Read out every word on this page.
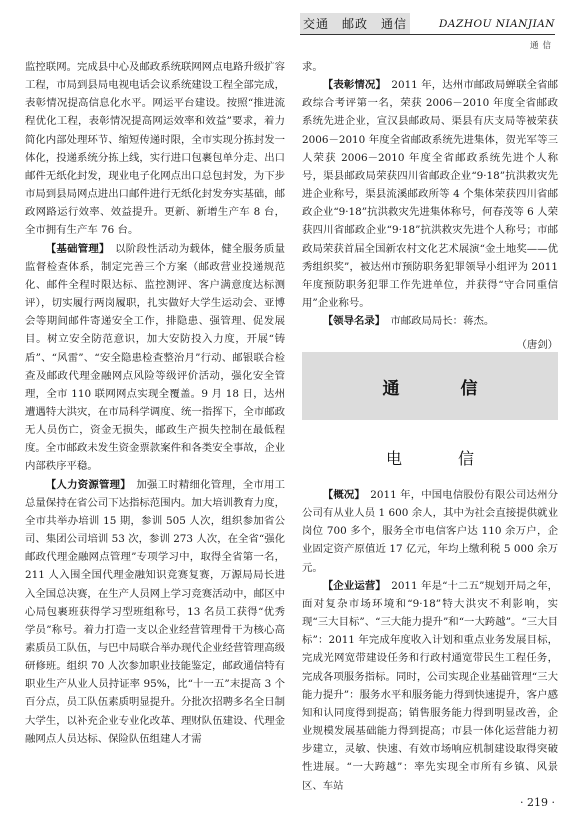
交通　邮政　通信	DAZHOU NIANJIAN
通信

监控联网。完成县中心及邮政系统联网网点电路升级扩容工程，市局到县局电视电话会议系统建设工程全部完成，表彰情况提高信息化水平。网运平台建设。按照“推进流程优化工程，表彰情况提高网运效率和效益”要求，着力简化内部处理环节、缩短传递时限，全市实现分拣封发一体化，投递系统分拣上线，实行进口包裹包单分走、出口邮件无纸化封发，现业电子化网点出口总包封发，为下步市局到县局网点进出口邮件进行无纸化封发夯实基础，邮政网路运行效率、效益提升。更新、新增生产车 8 台，全市拥有生产车 76 台。

【基础管理】　 以阶段性活动为载体，健全服务质量监督检查体系，制定完善三个方案（邮政营业投递规范化、邮件全程时限达标、监控测评、客户满意度达标测评），切实履行两岗履职，扎实做好大学生运动会、亚博会等期间邮件寄递安全工作，排隐患、强管理、促发展目。树立安全防范意识，加大安防投入力度，开展“铸盾”、“风雷”、“安全隐患检查整治月”行动、邮银联合检查及邮政代理金融网点风险等级评价活动，强化安全管理，全市 110 联网网点实现全覆盖。9 月 18 日，达州遭遇特大洪灾，在市局科学调度、统一指挥下，全市邮政无人员伤亡，资金无损失，邮政生产损失控制在最低程度。全市邮政未发生资金票款案件和各类安全事故，企业内部秩序平稳。

【人力资源管理】　 加强工时精细化管理，全市用工总量保持在省公司下达指标范围内。加大培训教育力度，全市共举办培训 15 期，参训 505 人次，组织参加省公司、集团公司培训 53 次，参训 273 人次，在全省“强化邮政代理金融网点管理”专项学习中，取得全省第一名，211 人入围全国代理金融知识竞赛复赛，万源局局长进入全国总决赛，在生产人员网上学习竞赛活动中，邮区中心局包裹班获得学习型班组称号，13 名员工获得“优秀学员”称号。着力打造一支以企业经营管理骨干为核心高素质员工队伍，与巴中局联合举办现代企业经营管理高级研修班。组织 70 人次参加职业技能鉴定，邮政通信特有职业生产从业人员持证率 95%，比“十一五”末提高 3 个百分点，员工队伍素质明显提升。分批次招聘多名全日制大学生，以补充企业专业化改革、理财队伍建设、代理金融网点人员达标、保险队伍组建人才需

求。

【表彰情况】　 2011 年，达州市邮政局蝉联全省邮政综合考评第一名，荣获 2006－2010 年度全省邮政系统先进企业，宣汉县邮政局、渠县有庆支局等被荣获 2006－2010 年度全省邮政系统先进集体，贺光军等三人荣获 2006－2010 年度全省邮政系统先进个人称号，渠县邮政局荣获四川省邮政企业“9·18”抗洪救灾先进企业称号，渠县流溪邮政所等 4 个集体荣获四川省邮政企业“9·18”抗洪救灾先进集体称号，何春茂等 6 人荣获四川省邮政企业“9·18”抗洪救灾先进个人称号；市邮政局荣获首届全国新农村文化艺术展演“金土地奖——优秀组织奖”，被达州市预防职务犯罪领导小组评为 2011 年度预防职务犯罪工作先进单位，并获得“守合同重信用”企业称号。

【领导名录】　 市邮政局局长：蒋杰。

（唐剑）

通　信
电　信

【概况】　 2011 年，中国电信股份有限公司达州分公司有从业人员 1 600 余人，其中为社会直接提供就业岗位 700 多个，服务全市电信客户达 110 余万户，企业固定资产原值近 17 亿元，年均上缴利税 5 000 余万元。

【企业运营】　 2011 年是“十二五”规划开局之年，面对复杂市场环境和“9·18”特大洪灾不利影响，实现“三大目标”、“三大能力提升”和“一大跨越”。“三大目标”：2011 年完成年度收入计划和重点业务发展目标，完成光网宽带建设任务和行政村通宽带民生工程任务，完成各项服务指标。同时，公司实现企业基础管理“三大能力提升”：服务水平和服务能力得到快速提升，客户感知和认同度得到提高；销售服务能力得到明显改善，企业规模发展基础能力得到提高；市县一体化运营能力初步建立，灵敏、快速、有效市场响应机制建设取得突破性进展。“一大跨越”：率先实现全市所有乡镇、风景区、车站

· 219 ·
